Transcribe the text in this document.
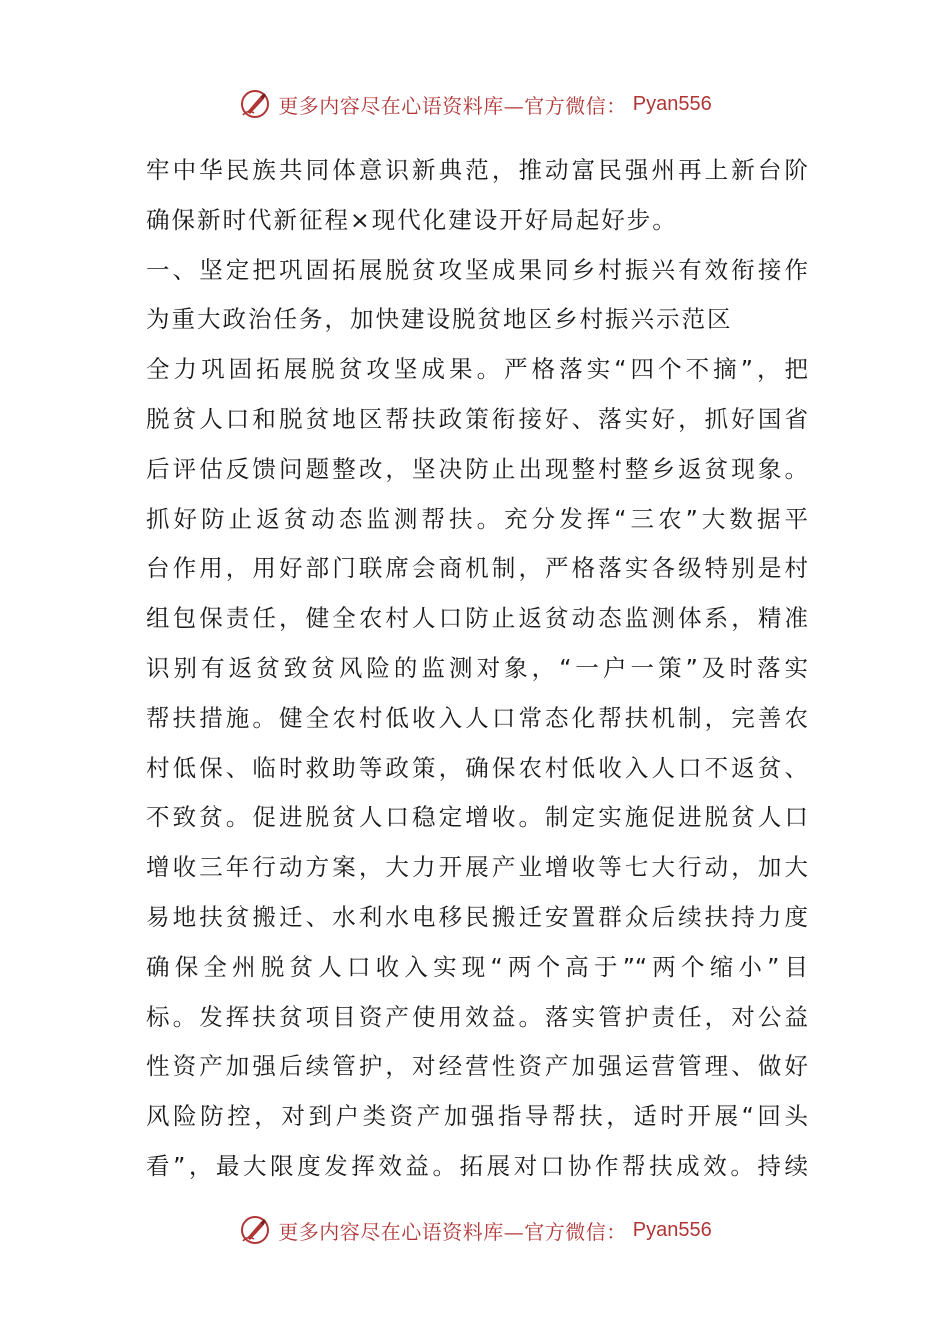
更多内容尽在心语资料库—官方微信： Pyan556
牢中华民族共同体意识新典范，推动富民强州再上新台阶
确保新时代新征程×现代化建设开好局起好步。
一、坚定把巩固拓展脱贫攻坚成果同乡村振兴有效衔接作
为重大政治任务，加快建设脱贫地区乡村振兴示范区
全力巩固拓展脱贫攻坚成果。严格落实“四个不摘”，把
脱贫人口和脱贫地区帮扶政策衔接好、落实好，抓好国省
后评估反馈问题整改，坚决防止出现整村整乡返贫现象。
抓好防止返贫动态监测帮扶。充分发挥“三农”大数据平
台作用，用好部门联席会商机制，严格落实各级特别是村
组包保责任，健全农村人口防止返贫动态监测体系，精准
识别有返贫致贫风险的监测对象，“一户一策”及时落实
帮扶措施。健全农村低收入人口常态化帮扶机制，完善农
村低保、临时救助等政策，确保农村低收入人口不返贫、
不致贫。促进脱贫人口稳定增收。制定实施促进脱贫人口
增收三年行动方案，大力开展产业增收等七大行动，加大
易地扶贫搬迁、水利水电移民搬迁安置群众后续扶持力度
确保全州脱贫人口收入实现“两个高于”“两个缩小”目
标。发挥扶贫项目资产使用效益。落实管护责任，对公益
性资产加强后续管护，对经营性资产加强运营管理、做好
风险防控，对到户类资产加强指导帮扶，适时开展“回头
看”，最大限度发挥效益。拓展对口协作帮扶成效。持续
更多内容尽在心语资料库—官方微信： Pyan556
